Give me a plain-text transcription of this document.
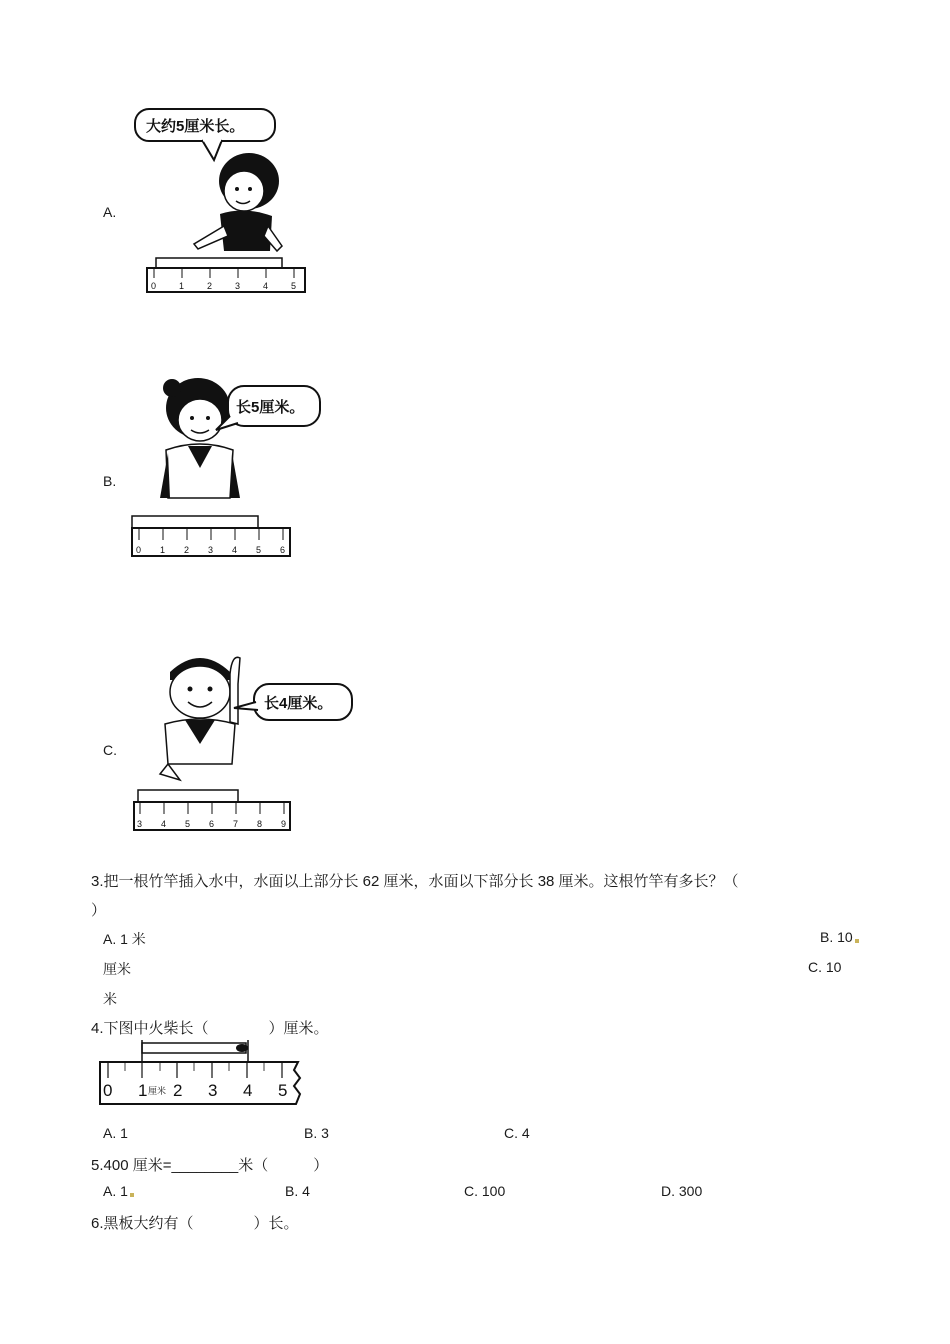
A.
大约5厘米长。
0	1	2	3	4	5
B.
长5厘米。
0 1 2 3 4 5 6
C.
长4厘米。
3 4 5 6 7 8 9
3.把一根竹竿插入水中，水面以上部分长 62 厘米，水面以下部分长 38 厘米。这根竹竿有多长？（
）
A. 1 米	B. 10
厘米	C. 10
米
4.下图中火柴长（　　　　）厘米。
0 1 2 3 4 5
厘米
A. 1	B. 3	C. 4
5.400 厘米=________米（　　　）
A. 1	B. 4	C. 100	D. 300
6.黑板大约有（　　　　）长。
